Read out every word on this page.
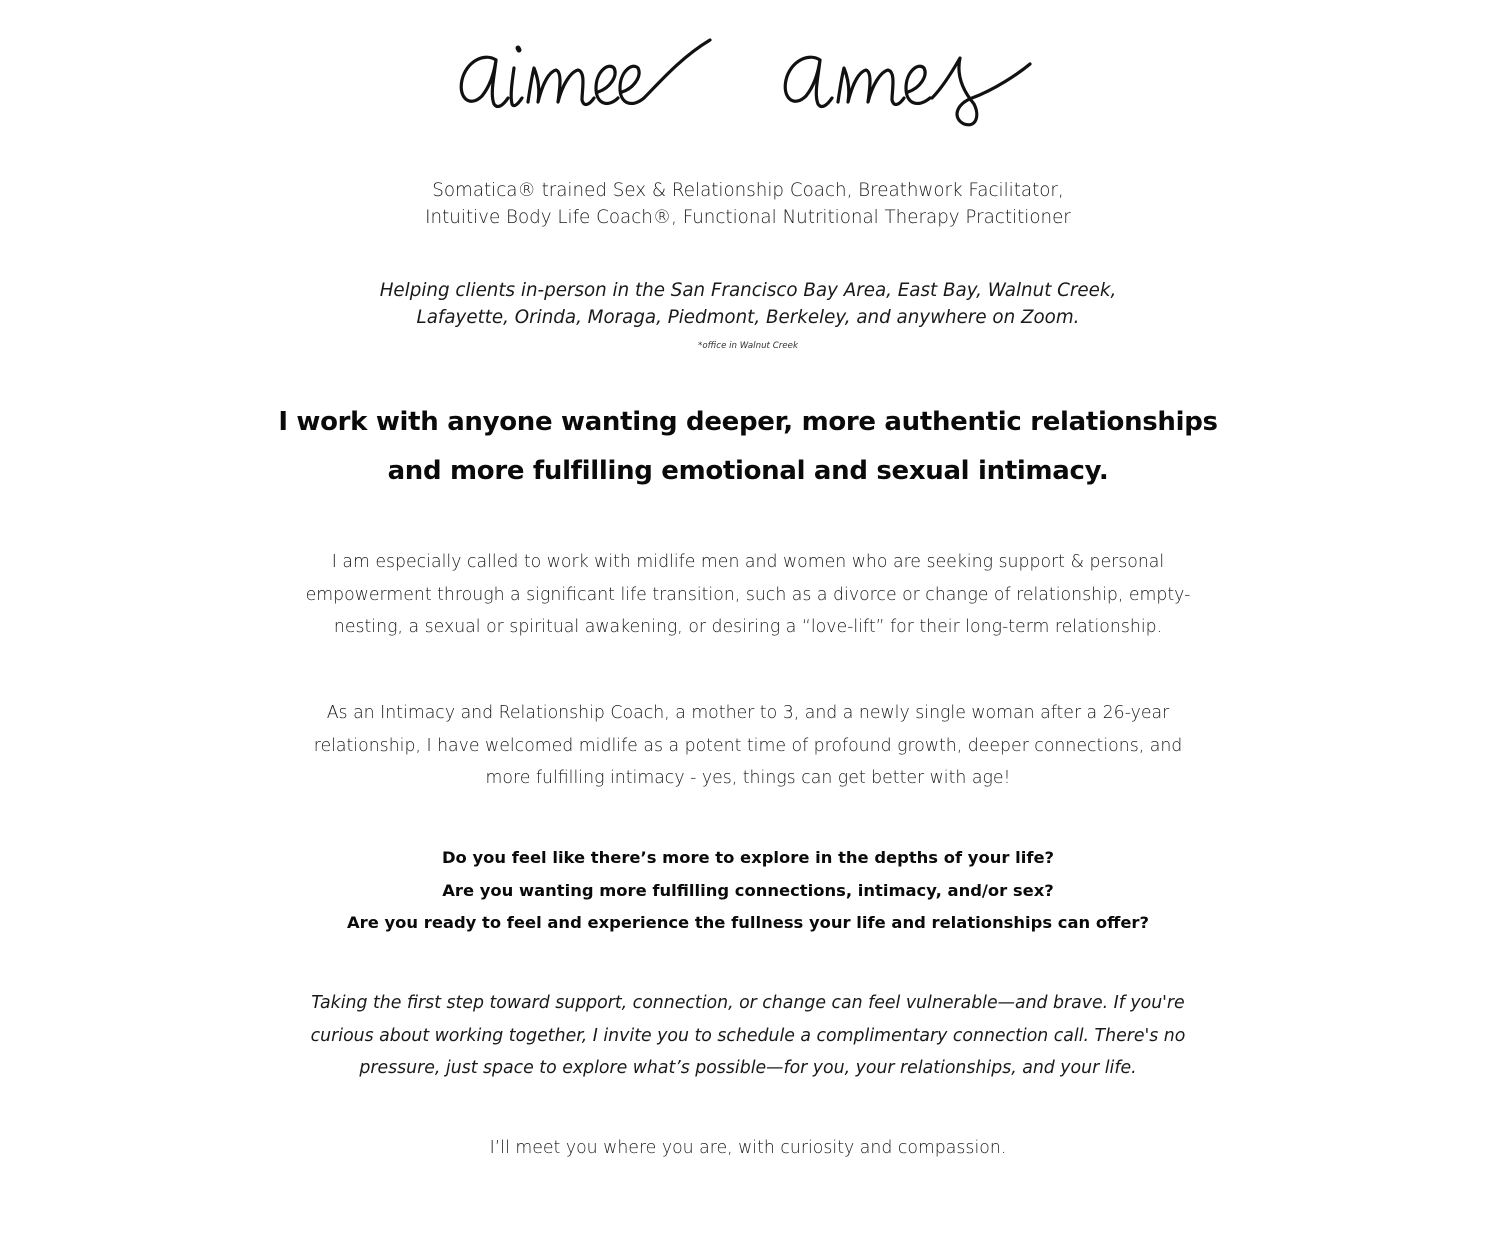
Somatica® trained Sex & Relationship Coach, Breathwork Facilitator,
Intuitive Body Life Coach®, Functional Nutritional Therapy Practitioner
Helping clients in-person in the San Francisco Bay Area, East Bay, Walnut Creek,
Lafayette, Orinda, Moraga, Piedmont, Berkeley, and anywhere on Zoom.
*office in Walnut Creek
I work with anyone wanting deeper, more authentic relationships
and more fulfilling emotional and sexual intimacy.
I am especially called to work with midlife men and women who are seeking support & personal
empowerment through a significant life transition, such as a divorce or change of relationship, empty-
nesting, a sexual or spiritual awakening, or desiring a “love-lift” for their long-term relationship.
As an Intimacy and Relationship Coach, a mother to 3, and a newly single woman after a 26-year
relationship, I have welcomed midlife as a potent time of profound growth, deeper connections, and
more fulfilling intimacy - yes, things can get better with age!
Do you feel like there’s more to explore in the depths of your life?
Are you wanting more fulfilling connections, intimacy, and/or sex?
Are you ready to feel and experience the fullness your life and relationships can offer?
Taking the first step toward support, connection, or change can feel vulnerable—and brave. If you're
curious about working together, I invite you to schedule a complimentary connection call. There's no
pressure, just space to explore what’s possible—for you, your relationships, and your life.
I’ll meet you where you are, with curiosity and compassion.
